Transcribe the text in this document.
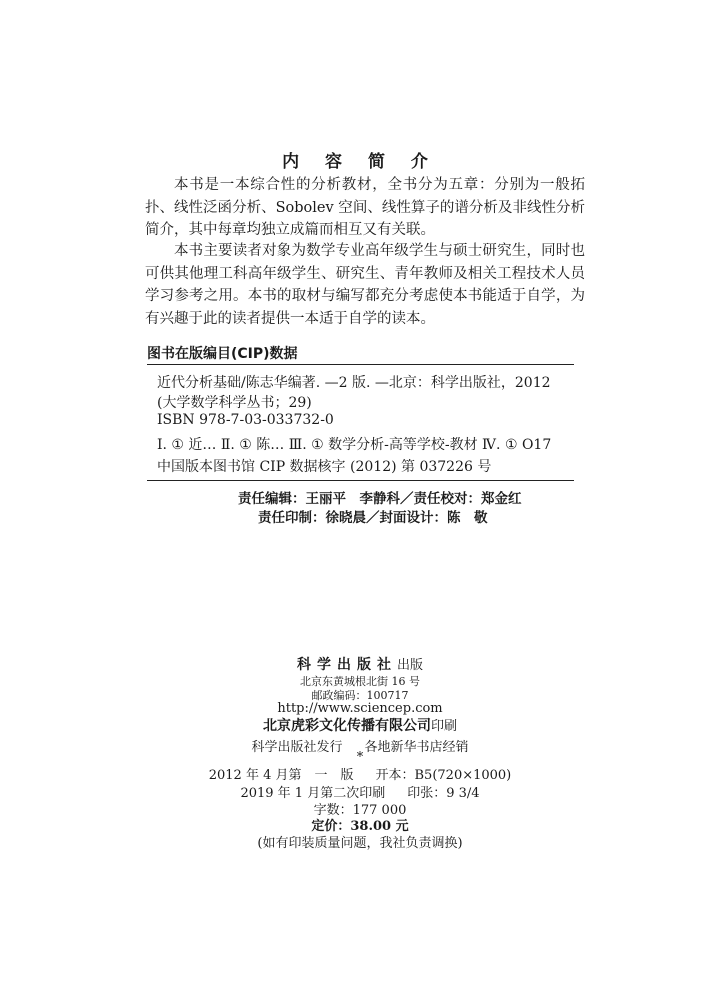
内 容 简 介
本书是一本综合性的分析教材，全书分为五章：分别为一般拓扑、线性泛函分析、Sobolev 空间、线性算子的谱分析及非线性分析简介，其中每章均独立成篇而相互又有关联。
本书主要读者对象为数学专业高年级学生与硕士研究生，同时也可供其他理工科高年级学生、研究生、青年教师及相关工程技术人员学习参考之用。本书的取材与编写都充分考虑使本书能适于自学，为有兴趣于此的读者提供一本适于自学的读本。
图书在版编目(CIP)数据
近代分析基础/陈志华编著. —2 版. —北京：科学出版社，2012
(大学数学科学丛书；29)
ISBN 978-7-03-033732-0
Ⅰ. ① 近… Ⅱ. ① 陈… Ⅲ. ① 数学分析-高等学校-教材 Ⅳ. ① O17
中国版本图书馆 CIP 数据核字 (2012) 第 037226 号
责任编辑：王丽平　李静科／责任校对：郑金红
责任印制：徐晓晨／封面设计：陈　敬
科学出版社出版
北京东黄城根北街 16 号
邮政编码：100717
http://www.sciencep.com
北京虎彩文化传播有限公司印刷
科学出版社发行 各地新华书店经销
*
2012 年 4 月第　一　版 开本：B5(720×1000)
2019 年 1 月第二次印刷 印张：9 3/4
字数：177 000
定价：38.00 元
(如有印装质量问题，我社负责调换)
